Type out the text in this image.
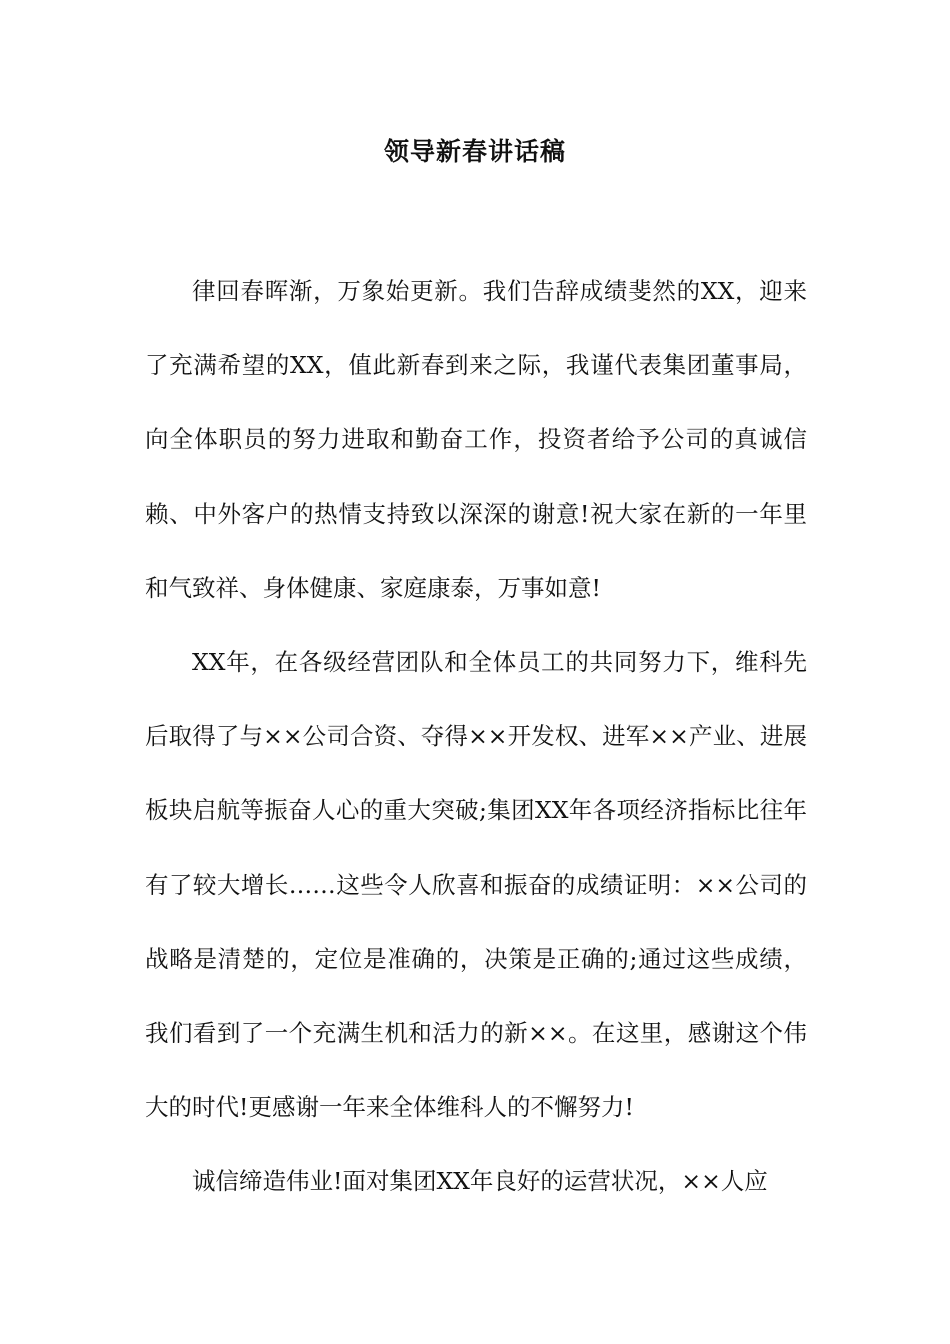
领导新春讲话稿

律回春晖渐，万象始更新。我们告辞成绩斐然的XX，迎来了充满希望的XX，值此新春到来之际，我谨代表集团董事局，向全体职员的努力进取和勤奋工作，投资者给予公司的真诚信赖、中外客户的热情支持致以深深的谢意!祝大家在新的一年里和气致祥、身体健康、家庭康泰，万事如意!

XX年，在各级经营团队和全体员工的共同努力下，维科先后取得了与××公司合资、夺得××开发权、进军××产业、进展板块启航等振奋人心的重大突破;集团XX年各项经济指标比往年有了较大增长……这些令人欣喜和振奋的成绩证明：××公司的战略是清楚的，定位是准确的，决策是正确的;通过这些成绩，我们看到了一个充满生机和活力的新××。在这里，感谢这个伟大的时代!更感谢一年来全体维科人的不懈努力!

诚信缔造伟业!面对集团XX年良好的运营状况，××人应
